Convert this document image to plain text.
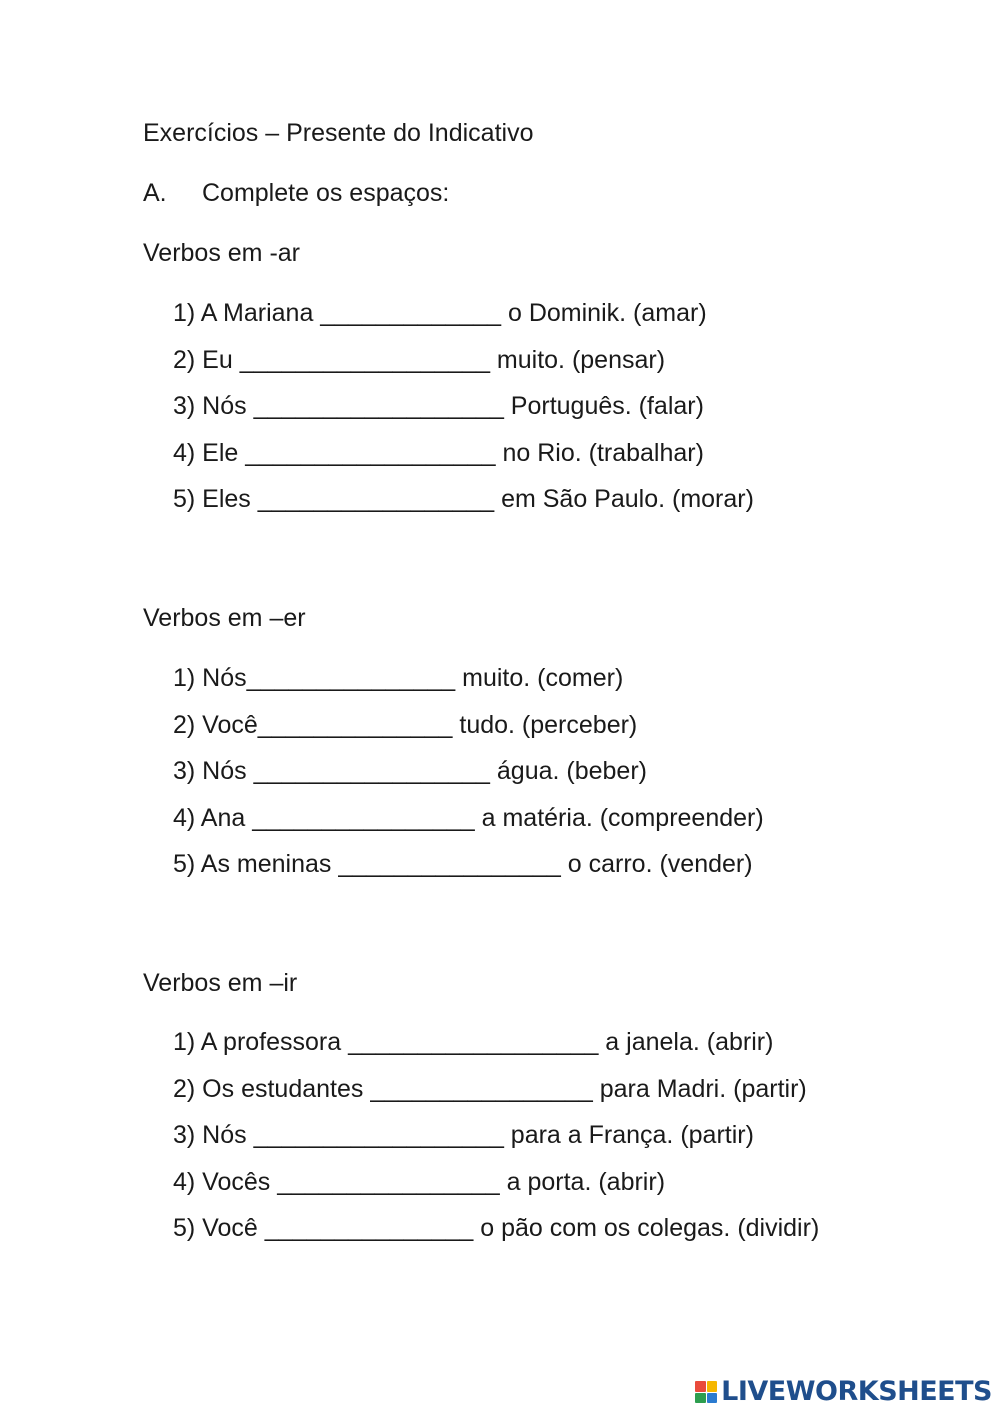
Exercícios – Presente do Indicativo
A. Complete os espaços:
Verbos em -ar
1) A Mariana _____________ o Dominik. (amar)
2) Eu __________________ muito. (pensar)
3) Nós __________________ Português. (falar)
4) Ele __________________ no Rio. (trabalhar)
5) Eles _________________ em São Paulo. (morar)
Verbos em –er
1) Nós_______________ muito. (comer)
2) Você______________ tudo. (perceber)
3) Nós _________________ água. (beber)
4) Ana ________________ a matéria. (compreender)
5) As meninas ________________ o carro. (vender)
Verbos em –ir
1) A professora __________________ a janela. (abrir)
2) Os estudantes ________________ para Madri. (partir)
3) Nós __________________ para a França. (partir)
4) Vocês ________________ a porta. (abrir)
5) Você _______________ o pão com os colegas. (dividir)
LIVEWORKSHEETS
